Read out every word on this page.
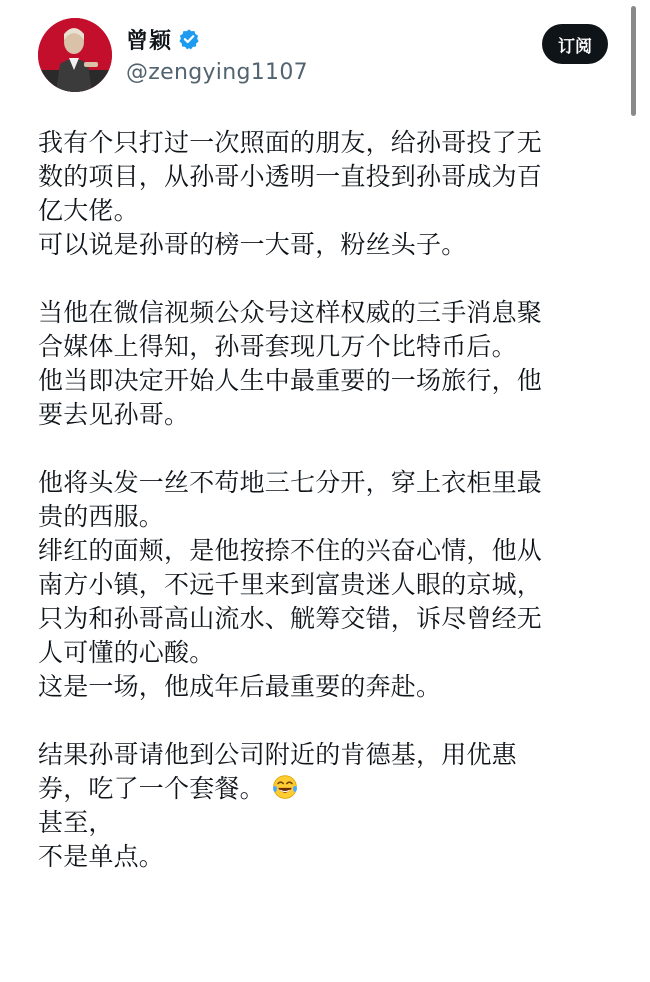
曾颖
@zengying1107
订阅
我有个只打过一次照面的朋友，给孙哥投了无
数的项目，从孙哥小透明一直投到孙哥成为百
亿大佬。
可以说是孙哥的榜一大哥，粉丝头子。
当他在微信视频公众号这样权威的三手消息聚
合媒体上得知，孙哥套现几万个比特币后。
他当即决定开始人生中最重要的一场旅行，他
要去见孙哥。
他将头发一丝不苟地三七分开，穿上衣柜里最
贵的西服。
绯红的面颊，是他按捺不住的兴奋心情，他从
南方小镇，不远千里来到富贵迷人眼的京城，
只为和孙哥高山流水、觥筹交错，诉尽曾经无
人可懂的心酸。
这是一场，他成年后最重要的奔赴。
结果孙哥请他到公司附近的肯德基，用优惠
券，吃了一个套餐。
甚至，
不是单点。
